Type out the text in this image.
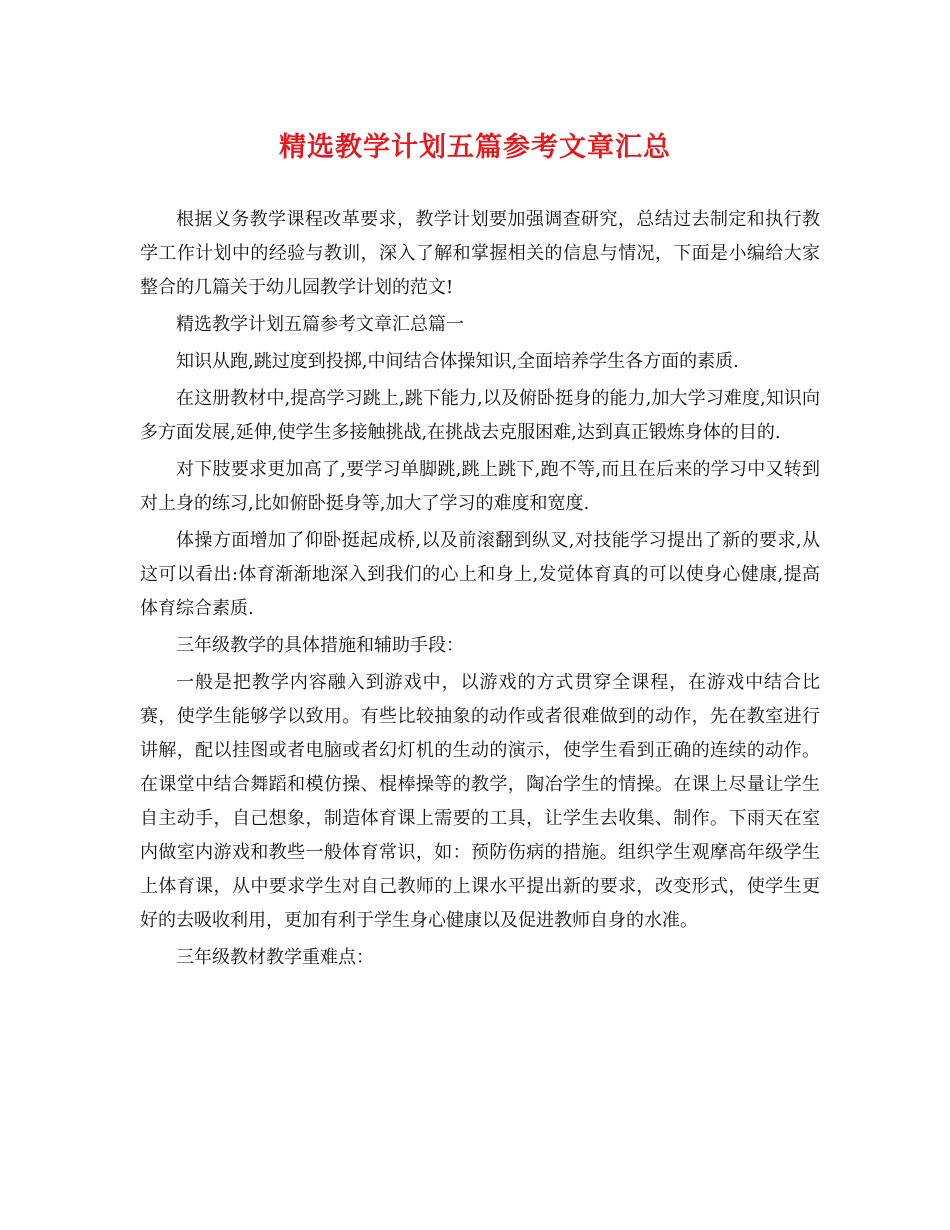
精选教学计划五篇参考文章汇总

根据义务教学课程改革要求，教学计划要加强调查研究，总结过去制定和执行教学工作计划中的经验与教训，深入了解和掌握相关的信息与情况，下面是小编给大家整合的几篇关于幼儿园教学计划的范文!

精选教学计划五篇参考文章汇总篇一

知识从跑,跳过度到投掷,中间结合体操知识,全面培养学生各方面的素质.

在这册教材中,提高学习跳上,跳下能力,以及俯卧挺身的能力,加大学习难度,知识向多方面发展,延伸,使学生多接触挑战,在挑战去克服困难,达到真正锻炼身体的目的.

对下肢要求更加高了,要学习单脚跳,跳上跳下,跑不等,而且在后来的学习中又转到对上身的练习,比如俯卧挺身等,加大了学习的难度和宽度.

体操方面增加了仰卧挺起成桥,以及前滚翻到纵叉,对技能学习提出了新的要求,从这可以看出:体育渐渐地深入到我们的心上和身上,发觉体育真的可以使身心健康,提高体育综合素质.

三年级教学的具体措施和辅助手段：

一般是把教学内容融入到游戏中，以游戏的方式贯穿全课程，在游戏中结合比赛，使学生能够学以致用。有些比较抽象的动作或者很难做到的动作，先在教室进行讲解，配以挂图或者电脑或者幻灯机的生动的演示，使学生看到正确的连续的动作。在课堂中结合舞蹈和模仿操、棍棒操等的教学，陶冶学生的情操。在课上尽量让学生自主动手，自己想象，制造体育课上需要的工具，让学生去收集、制作。下雨天在室内做室内游戏和教些一般体育常识，如：预防伤病的措施。组织学生观摩高年级学生上体育课，从中要求学生对自己教师的上课水平提出新的要求，改变形式，使学生更好的去吸收利用，更加有利于学生身心健康以及促进教师自身的水准。

三年级教材教学重难点：
